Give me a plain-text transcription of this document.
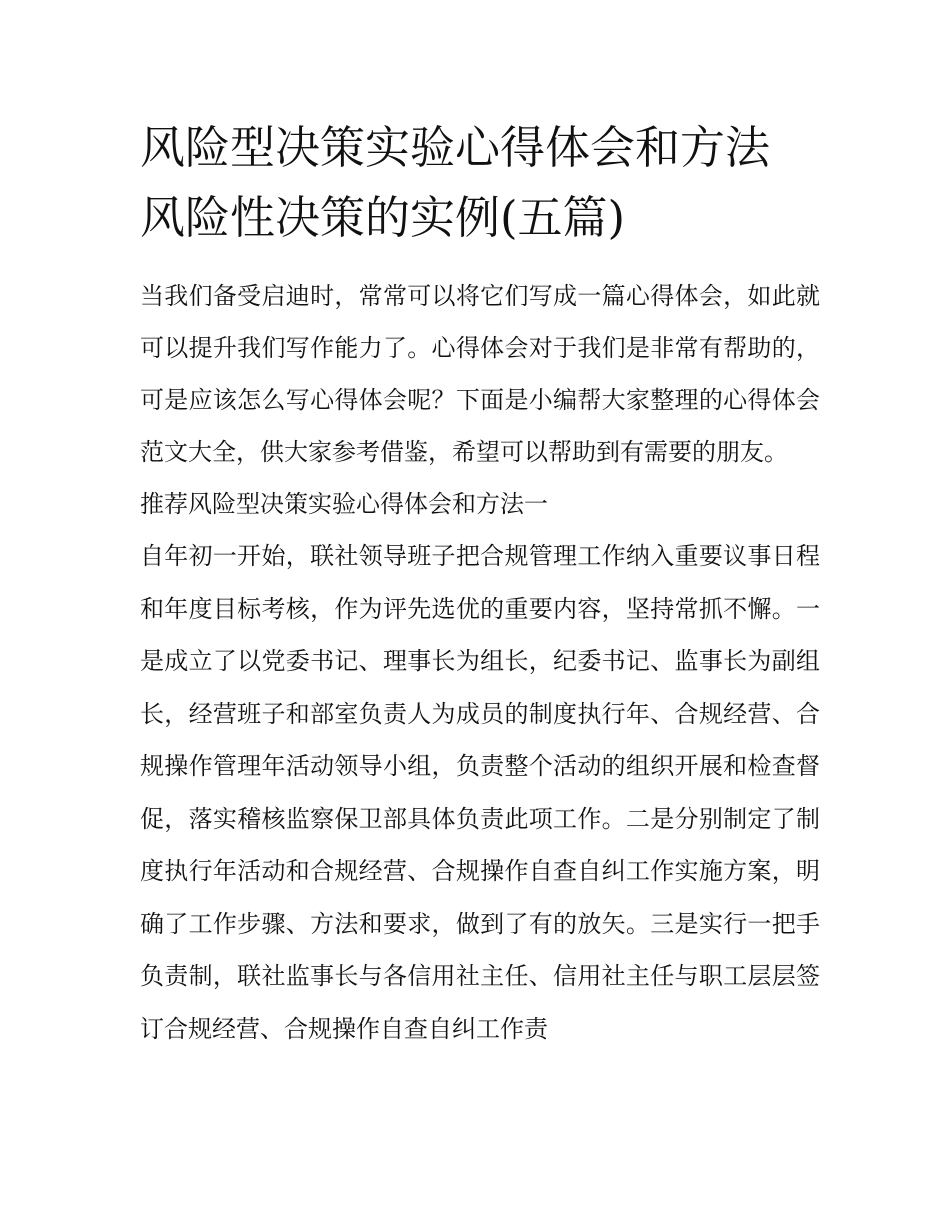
风险型决策实验心得体会和方法 风险性决策的实例(五篇)

当我们备受启迪时，常常可以将它们写成一篇心得体会，如此就可以提升我们写作能力了。心得体会对于我们是非常有帮助的，可是应该怎么写心得体会呢？下面是小编帮大家整理的心得体会范文大全，供大家参考借鉴，希望可以帮助到有需要的朋友。

推荐风险型决策实验心得体会和方法一

自年初一开始，联社领导班子把合规管理工作纳入重要议事日程和年度目标考核，作为评先选优的重要内容，坚持常抓不懈。一是成立了以党委书记、理事长为组长，纪委书记、监事长为副组长，经营班子和部室负责人为成员的制度执行年、合规经营、合规操作管理年活动领导小组，负责整个活动的组织开展和检查督促，落实稽核监察保卫部具体负责此项工作。二是分别制定了制度执行年活动和合规经营、合规操作自查自纠工作实施方案，明确了工作步骤、方法和要求，做到了有的放矢。三是实行一把手负责制，联社监事长与各信用社主任、信用社主任与职工层层签订合规经营、合规操作自查自纠工作责
